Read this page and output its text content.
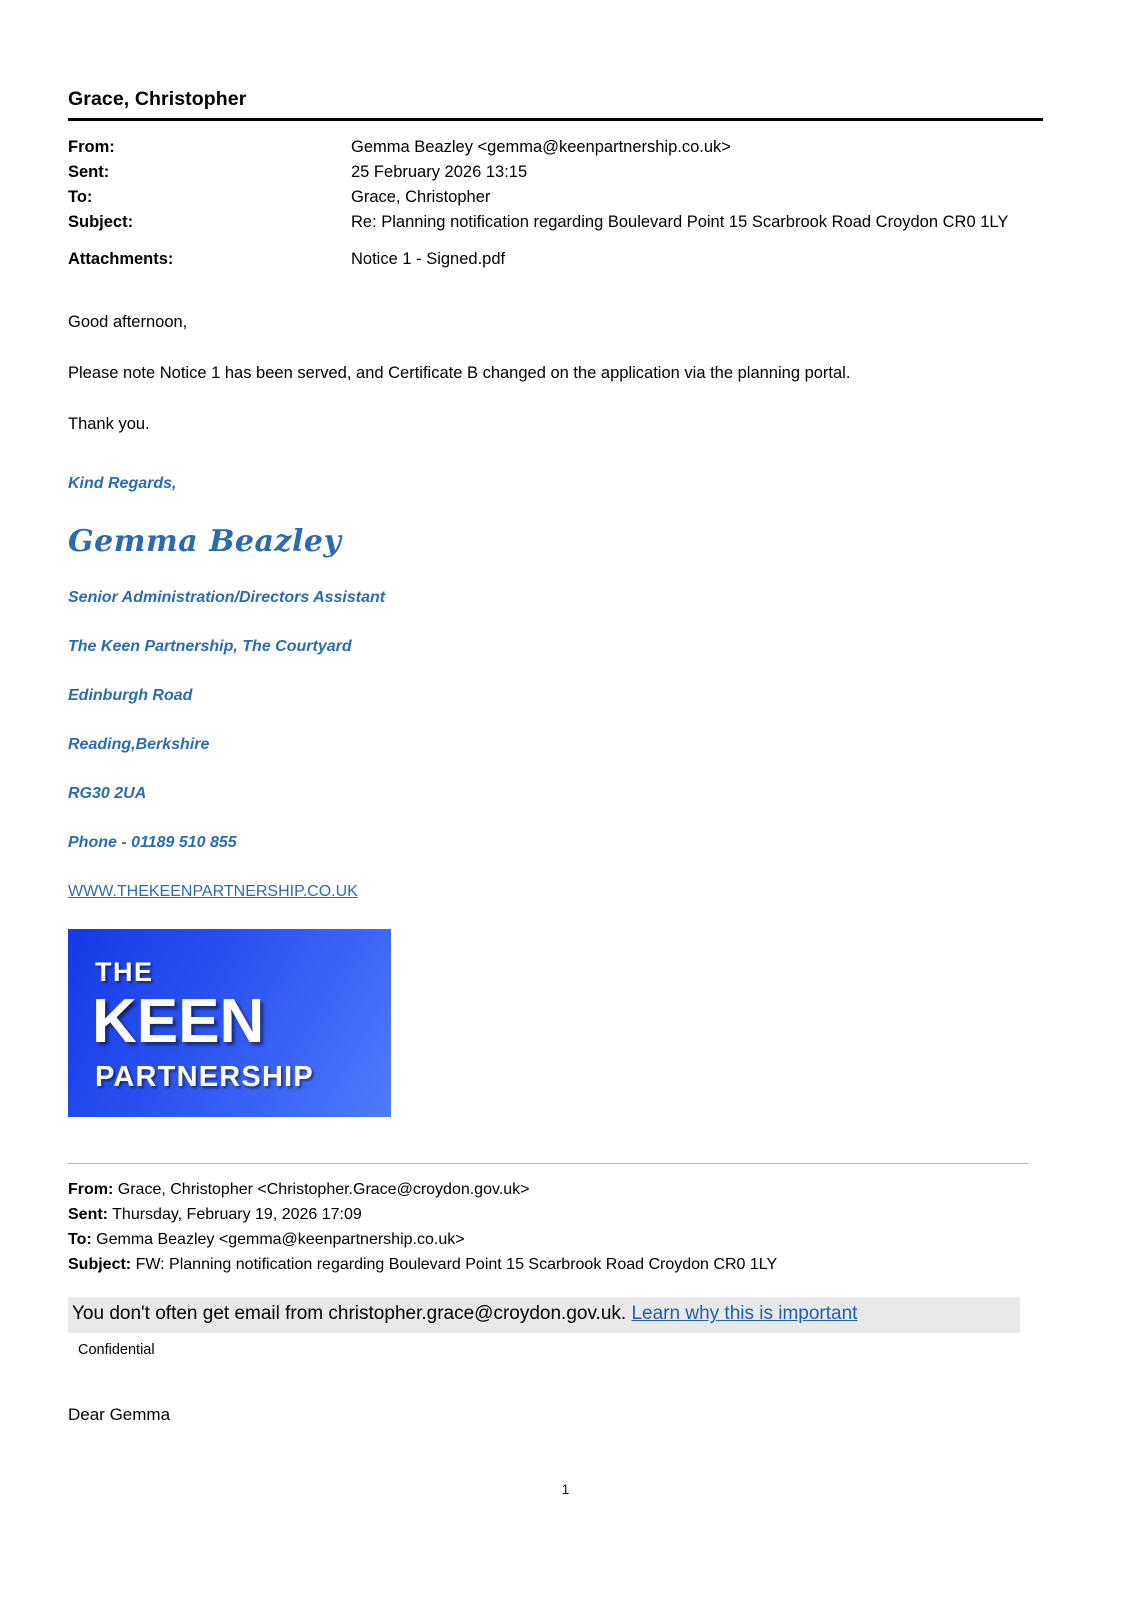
Grace, Christopher
From:	Gemma Beazley <gemma@keenpartnership.co.uk>
Sent:	25 February 2026 13:15
To:	Grace, Christopher
Subject:	Re: Planning notification regarding Boulevard Point 15 Scarbrook Road Croydon CR0 1LY

Attachments:	Notice 1 - Signed.pdf
Good afternoon,
Please note Notice 1 has been served, and Certificate B changed on the application via the planning portal.
Thank you.
Kind Regards,
Gemma Beazley
Senior Administration/Directors Assistant
The Keen Partnership, The Courtyard
Edinburgh Road
Reading,Berkshire
RG30 2UA
Phone - 01189 510 855
WWW.THEKEENPARTNERSHIP.CO.UK
THE
KEEN
PARTNERSHIP
From: Grace, Christopher <Christopher.Grace@croydon.gov.uk>
Sent: Thursday, February 19, 2026 17:09
To: Gemma Beazley <gemma@keenpartnership.co.uk>
Subject: FW: Planning notification regarding Boulevard Point 15 Scarbrook Road Croydon CR0 1LY
You don't often get email from christopher.grace@croydon.gov.uk. Learn why this is important
Confidential
Dear Gemma
1
